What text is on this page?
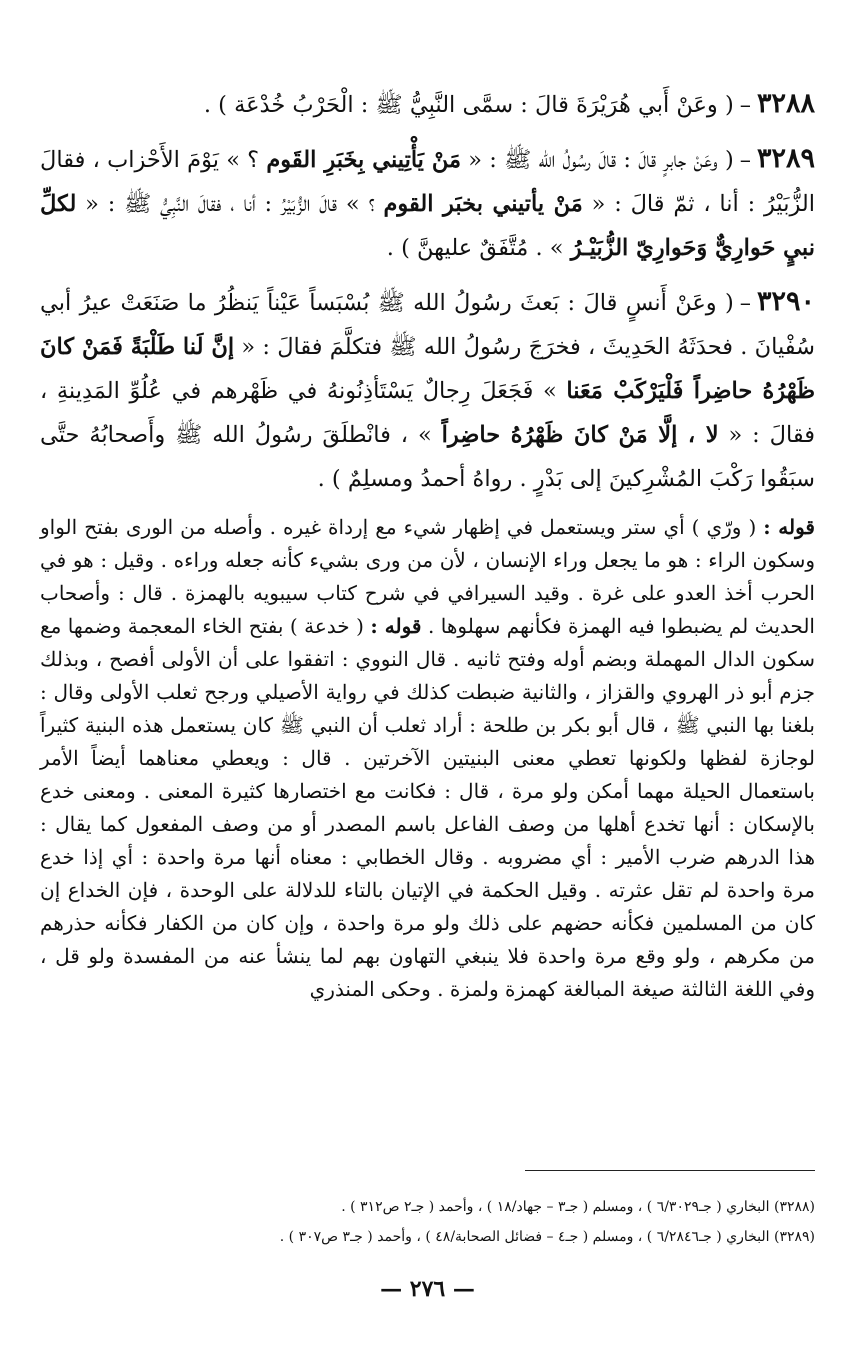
٣٢٨٨–( وعَنْ أَبي هُرَيْرَةَ قالَ : سمَّى النَّبِيُّ ﷺ : الْحَرْبُ خُدْعَة ) .
٣٢٨٩–( وعَنْ جابرٍ قالَ : قالَ رسُولُ الله ﷺ : « مَنْ يَأْتِيني بِخَبَرِ القَوم ؟ » يَوْمَ الأَحْزاب ، فقالَ الزُّبَيْرُ : أنا ، ثمّ قالَ : « مَنْ يأتيني بخبَر القوم ؟ » قالَ الزُّبَيْرُ : أنا ، فقالَ النَّبِيُّ ﷺ : « لكلِّ نبيٍ حَوارِيٌّ وَحَوارِيّ الزُّبَيْـرُ » . مُتَّفَقٌ عليهنَّ ) .
٣٢٩٠–( وعَنْ أَنسٍ قالَ : بَعثَ رسُولُ الله ﷺ بُسْبَساً عَيْناً يَنظُرُ ما صَنَعَتْ عيرُ أبي سُفْيانَ . فحدَثَهُ الحَدِيثَ ، فخرَجَ رسُولُ الله ﷺ فتكلَّمَ فقالَ : « إنَّ لَنا طَلْبَةً فَمَنْ كانَ ظَهْرُهُ حاضِراً فَلْيَرْكَبْ مَعَنا » فَجَعَلَ رِجالٌ يَسْتَأذِنُونهُ في ظَهْرهم في عُلُوِّ المَدِينةِ ، فقالَ : « لا ، إلَّا مَنْ كانَ ظَهْرُهُ حاضِراً » ، فانْطلَقَ رسُولُ الله ﷺ وأَصحابُهُ حتَّى سبَقُوا رَكْبَ المُشْرِكينَ إلى بَدْرٍ . رواهُ أحمدُ ومسلِمٌ ) .
قوله : ( ورّي ) أي ستر ويستعمل في إظهار شيء مع إرداة غيره . وأصله من الورى بفتح الواو وسكون الراء : هو ما يجعل وراء الإنسان ، لأن من ورى بشيء كأنه جعله وراءه . وقيل : هو في الحرب أخذ العدو على غرة . وقيد السيرافي في شرح كتاب سيبويه بالهمزة . قال : وأصحاب الحديث لم يضبطوا فيه الهمزة فكأنهم سهلوها . قوله : ( خدعة ) بفتح الخاء المعجمة وضمها مع سكون الدال المهملة وبضم أوله وفتح ثانيه . قال النووي : اتفقوا على أن الأولى أفصح ، وبذلك جزم أبو ذر الهروي والقزاز ، والثانية ضبطت كذلك في رواية الأصيلي ورجح ثعلب الأولى وقال : بلغنا بها النبي ﷺ ، قال أبو بكر بن طلحة : أراد ثعلب أن النبي ﷺ كان يستعمل هذه البنية كثيراً لوجازة لفظها ولكونها تعطي معنى البنيتين الآخرتين . قال : ويعطي معناهما أيضاً الأمر باستعمال الحيلة مهما أمكن ولو مرة ، قال : فكانت مع اختصارها كثيرة المعنى . ومعنى خدع بالإسكان : أنها تخدع أهلها من وصف الفاعل باسم المصدر أو من وصف المفعول كما يقال : هذا الدرهم ضرب الأمير : أي مضروبه . وقال الخطابي : معناه أنها مرة واحدة : أي إذا خدع مرة واحدة لم تقل عثرته . وقيل الحكمة في الإتيان بالتاء للدلالة على الوحدة ، فإن الخداع إن كان من المسلمين فكأنه حضهم على ذلك ولو مرة واحدة ، وإن كان من الكفار فكأنه حذرهم من مكرهم ، ولو وقع مرة واحدة فلا ينبغي التهاون بهم لما ينشأ عنه من المفسدة ولو قل ، وفي اللغة الثالثة صيغة المبالغة كهمزة ولمزة . وحكى المنذري
(٣٢٨٨) البخاري ( جـ٦/٣٠٢٩ ) ، ومسلم ( جـ٣ – جهاد/١٨ ) ، وأحمد ( جـ٢ ص٣١٢ ) .
(٣٢٨٩) البخاري ( جـ٦/٢٨٤٦ ) ، ومسلم ( جـ٤ – فضائل الصحابة/٤٨ ) ، وأحمد ( جـ٣ ص٣٠٧ ) .
— ٢٧٦ —
